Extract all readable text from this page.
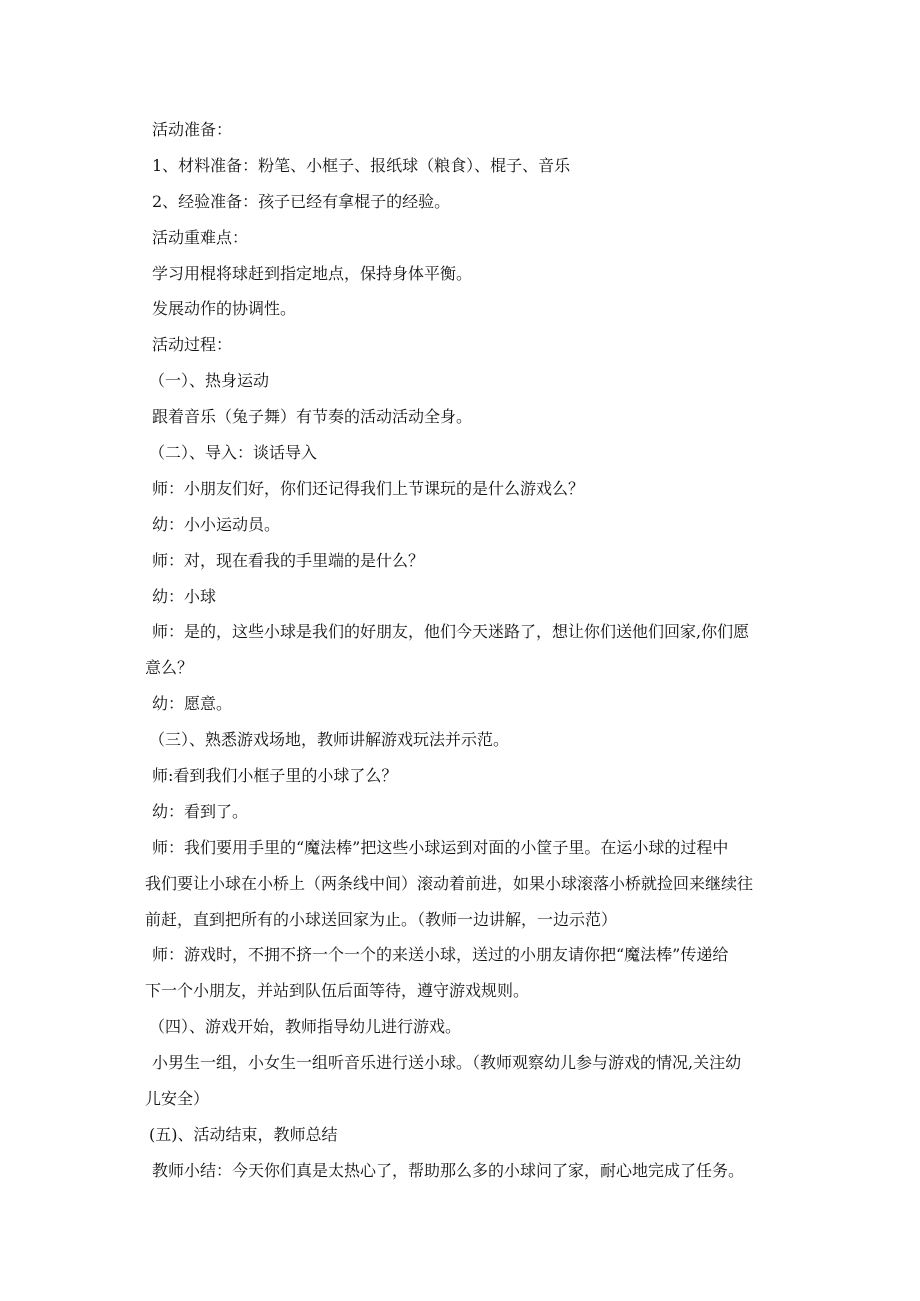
活动准备：
1、材料准备：粉笔、小框子、报纸球（粮食）、棍子、音乐
2、经验准备：孩子已经有拿棍子的经验。
活动重难点：
学习用棍将球赶到指定地点，保持身体平衡。
发展动作的协调性。
活动过程：
（一）、热身运动
跟着音乐（兔子舞）有节奏的活动活动全身。
（二）、导入：谈话导入
师：小朋友们好，你们还记得我们上节课玩的是什么游戏么？
幼：小小运动员。
师：对，现在看我的手里端的是什么？
幼：小球
师：是的，这些小球是我们的好朋友，他们今天迷路了，想让你们送他们回家,你们愿
意么？
幼：愿意。
（三）、熟悉游戏场地，教师讲解游戏玩法并示范。
师:看到我们小框子里的小球了么？
幼：看到了。
师：我们要用手里的“魔法棒”把这些小球运到对面的小筐子里。在运小球的过程中
我们要让小球在小桥上（两条线中间）滚动着前进，如果小球滚落小桥就捡回来继续往
前赶，直到把所有的小球送回家为止。（教师一边讲解，一边示范）
师：游戏时，不拥不挤一个一个的来送小球，送过的小朋友请你把“魔法棒”传递给
下一个小朋友，并站到队伍后面等待，遵守游戏规则。
（四）、游戏开始，教师指导幼儿进行游戏。
小男生一组，小女生一组听音乐进行送小球。（教师观察幼儿参与游戏的情况,关注幼
儿安全）
(五)、活动结束，教师总结
教师小结：今天你们真是太热心了，帮助那么多的小球问了家，耐心地完成了任务。
